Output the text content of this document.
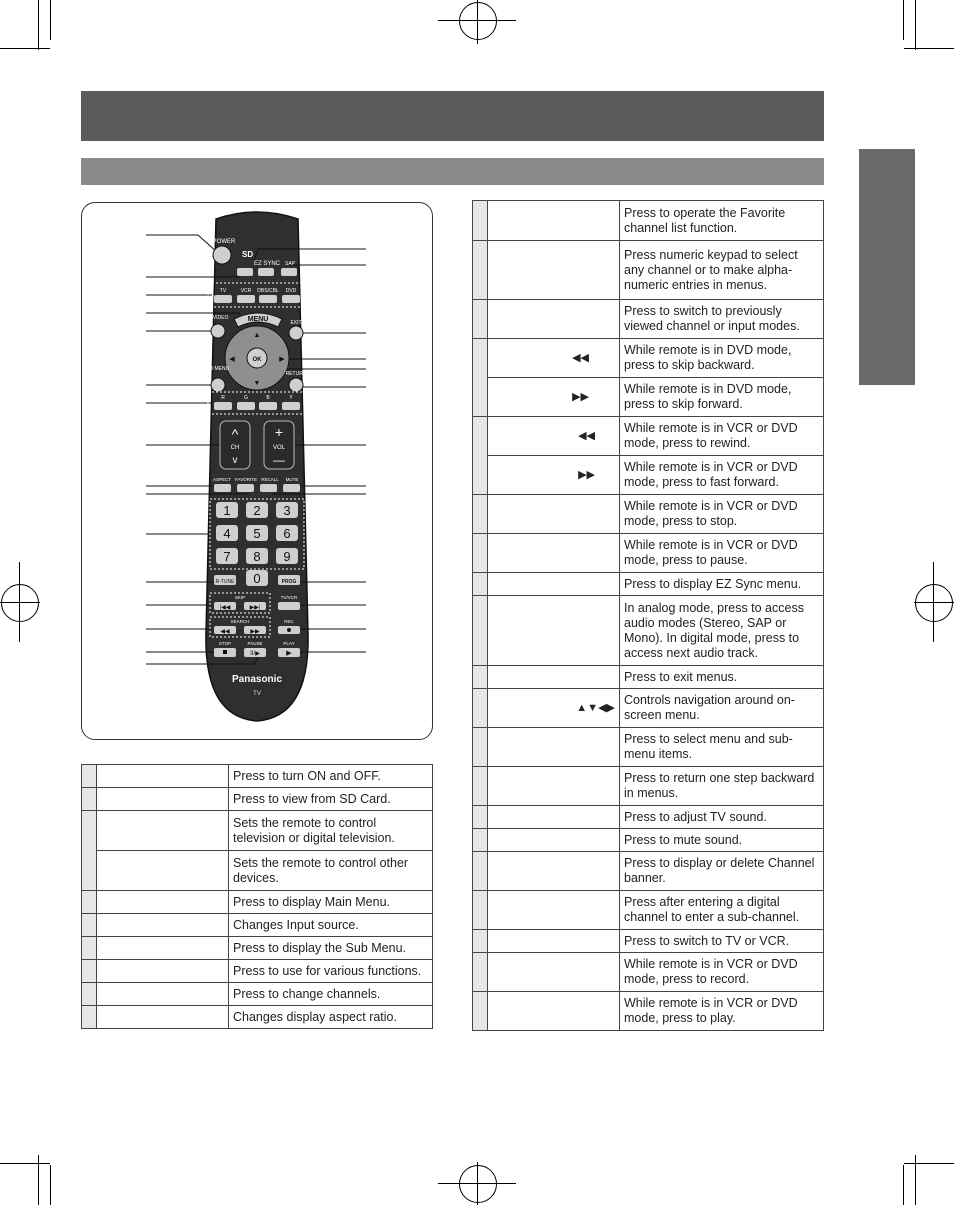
POWER
SD
EZ SYNC SAP
TV	VCR DBS/CBL DVD
TV/ VIDEO	MENU	EXIT
▲
▼
◀	▶
OK
SUB MENU
RETURN
R	G	B	Y
^
CH
v
+
VOL
—
ASPECT FAVORITE RECALL MUTE
1 2 3
4 5 6
7 8 9
R-TUNE 0	PROG
SKIP
|◀◀	▶▶|
TV/VCR
SEARCH
◀◀	▶▶
REC
STOP	PAUSE	PLAY
II/▶	▶
Panasonic
TV
		Press to turn ON and OFF.
		Press to view from SD Card.
		Sets the remote to control television or digital television.
		Sets the remote to control other devices.
		Press to display Main Menu.
		Changes Input source.
		Press to display the Sub Menu.
		Press to use for various functions.
		Press to change channels.
		Changes display aspect ratio.
		Press to operate the Favorite channel list function.
		Press numeric keypad to select any channel or to make alpha-numeric entries in menus.
		Press to switch to previously viewed channel or input modes.
	◀◀	While remote is in DVD mode, press to skip backward.
	▶▶	While remote is in DVD mode, press to skip forward.
	◀◀	While remote is in VCR or DVD mode, press to rewind.
	▶▶	While remote is in VCR or DVD mode, press to fast forward.
		While remote is in VCR or DVD mode, press to stop.
		While remote is in VCR or DVD mode, press to pause.
		Press to display EZ Sync menu.
		In analog mode, press to access audio modes (Stereo, SAP or Mono). In digital mode, press to access next audio track.
		Press to exit menus.
	▲▼◀▶	Controls navigation around on-screen menu.
		Press to select menu and sub-menu items.
		Press to return one step backward in menus.
		Press to adjust TV sound.
		Press to mute sound.
		Press to display or delete Channel banner.
		Press after entering a digital channel to enter a sub-channel.
		Press to switch to TV or VCR.
		While remote is in VCR or DVD mode, press to record.
		While remote is in VCR or DVD mode, press to play.
